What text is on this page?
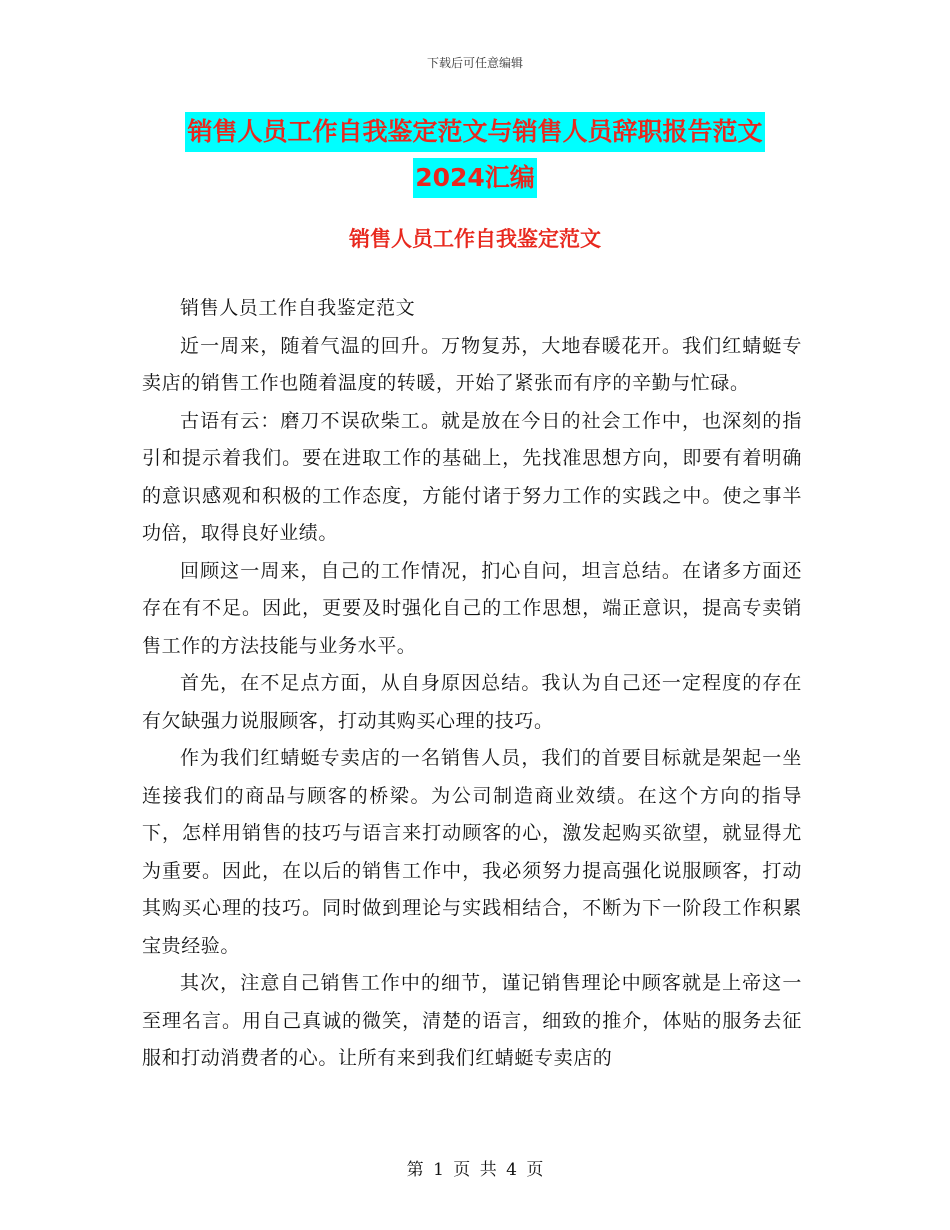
下载后可任意编辑
销售人员工作自我鉴定范文与销售人员辞职报告范文
2024汇编
销售人员工作自我鉴定范文

销售人员工作自我鉴定范文

近一周来，随着气温的回升。万物复苏，大地春暖花开。我们红蜻蜓专卖店的销售工作也随着温度的转暖，开始了紧张而有序的辛勤与忙碌。

古语有云：磨刀不误砍柴工。就是放在今日的社会工作中，也深刻的指引和提示着我们。要在进取工作的基础上，先找准思想方向，即要有着明确的意识感观和积极的工作态度，方能付诸于努力工作的实践之中。使之事半功倍，取得良好业绩。

回顾这一周来，自己的工作情况，扪心自问，坦言总结。在诸多方面还存在有不足。因此，更要及时强化自己的工作思想，端正意识，提高专卖销售工作的方法技能与业务水平。

首先，在不足点方面，从自身原因总结。我认为自己还一定程度的存在有欠缺强力说服顾客，打动其购买心理的技巧。

作为我们红蜻蜓专卖店的一名销售人员，我们的首要目标就是架起一坐连接我们的商品与顾客的桥梁。为公司制造商业效绩。在这个方向的指导下，怎样用销售的技巧与语言来打动顾客的心，激发起购买欲望，就显得尤为重要。因此，在以后的销售工作中，我必须努力提高强化说服顾客，打动其购买心理的技巧。同时做到理论与实践相结合，不断为下一阶段工作积累宝贵经验。

其次，注意自己销售工作中的细节，谨记销售理论中顾客就是上帝这一至理名言。用自己真诚的微笑，清楚的语言，细致的推介，体贴的服务去征服和打动消费者的心。让所有来到我们红蜻蜓专卖店的

第 1 页 共 4 页
